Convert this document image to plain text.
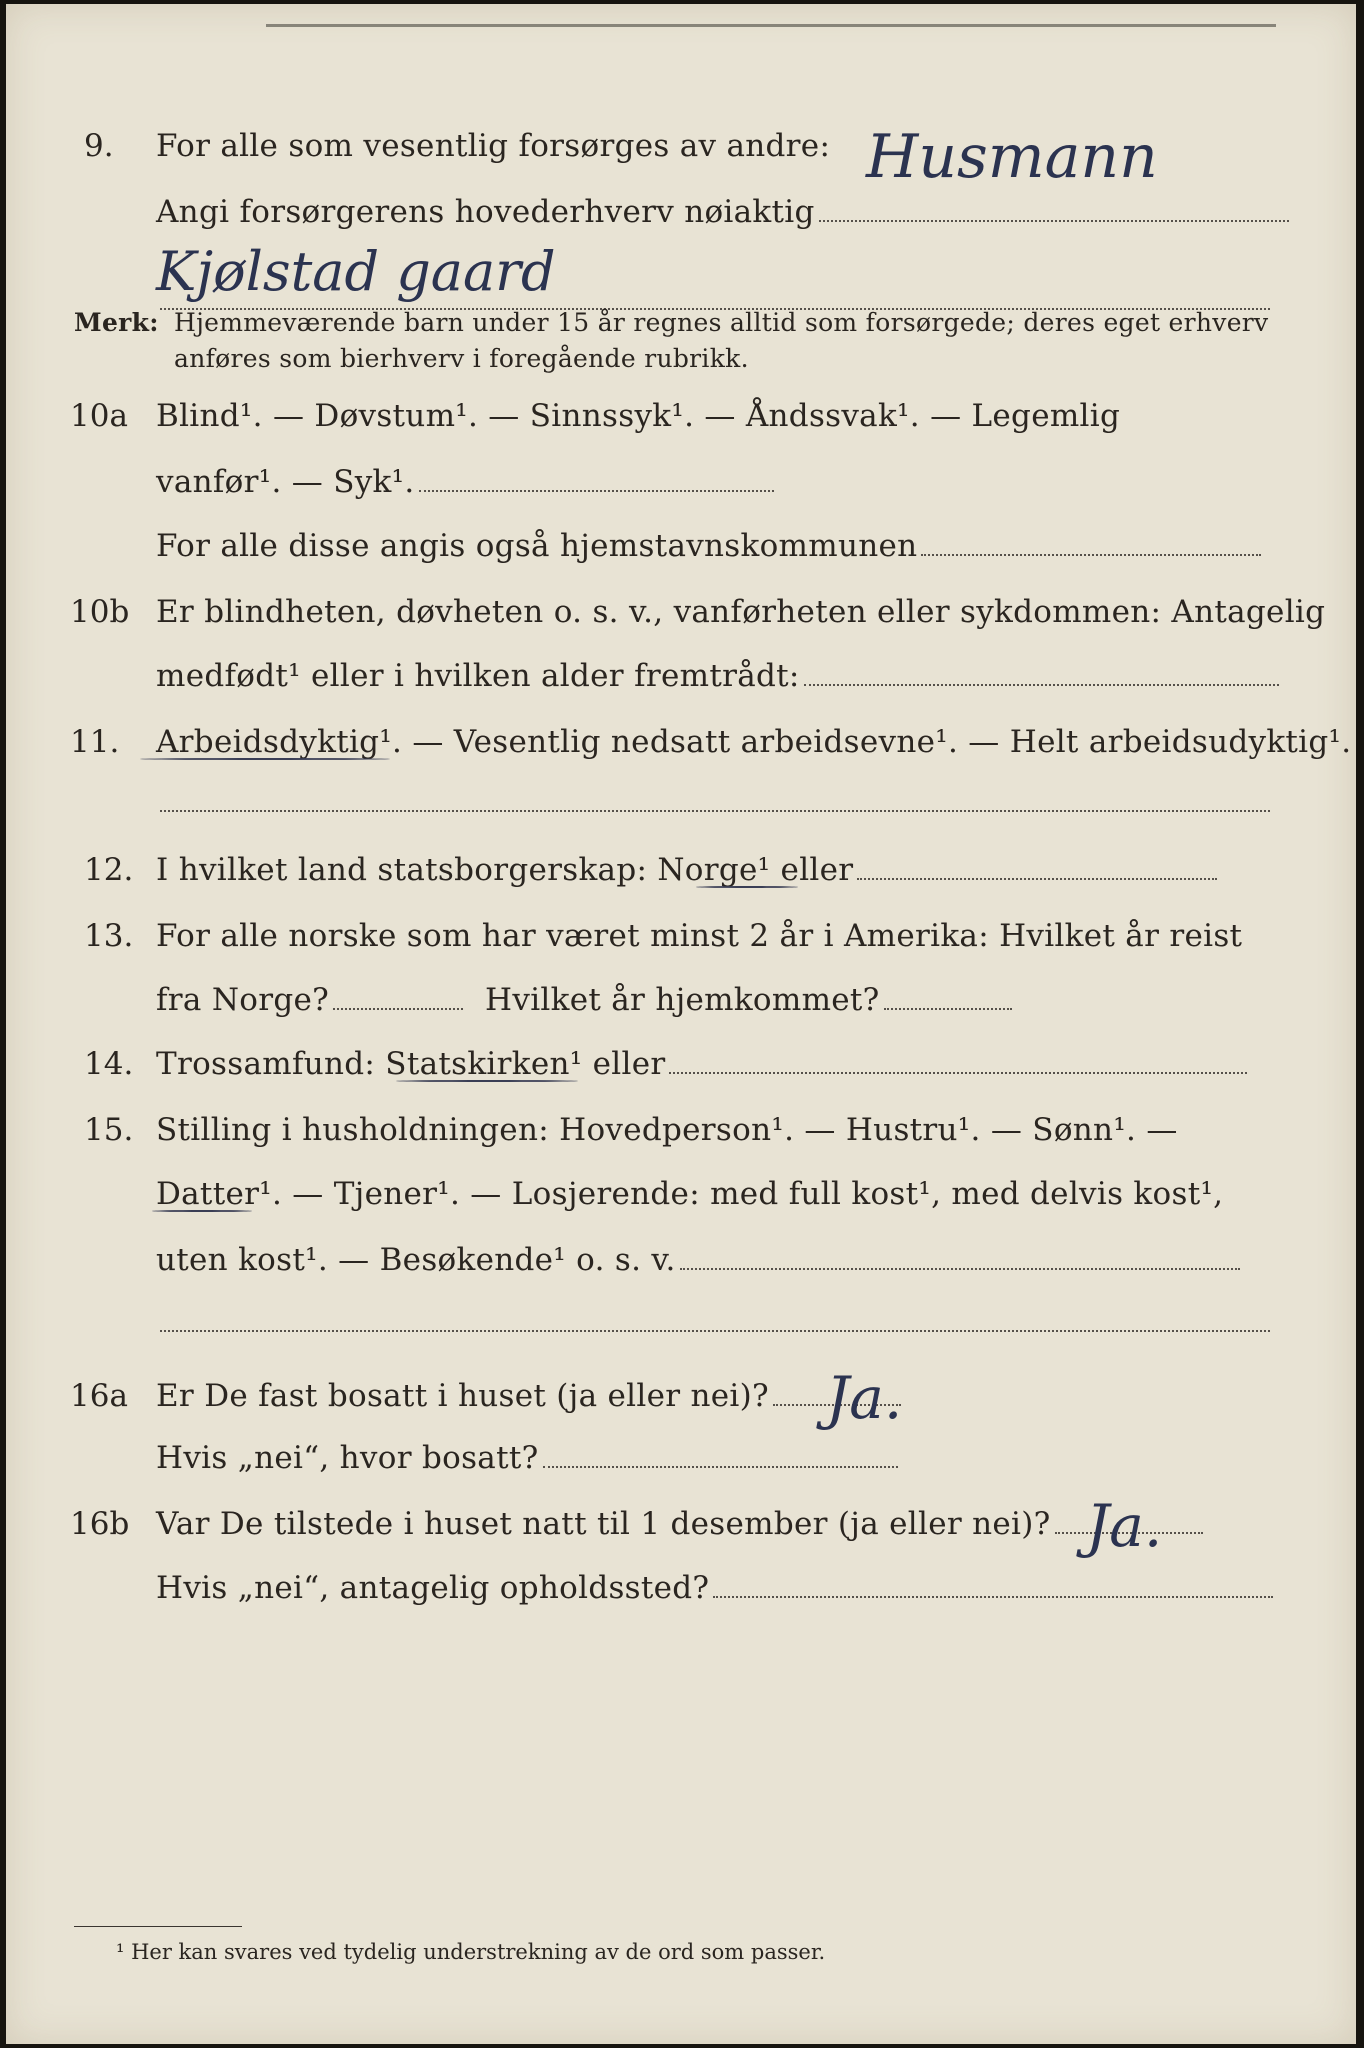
9. For alle som vesentlig forsørges av andre: Husmann
Angi forsørgerens hovederhverv nøiaktig
Kjølstad gaard
Merk: Hjemmeværende barn under 15 år regnes alltid som forsørgede; deres eget erhverv
anføres som bierhverv i foregående rubrikk.
10a Blind¹. — Døvstum¹. — Sinnssyk¹. — Åndssvak¹. — Legemlig
vanfør¹. — Syk¹.
For alle disse angis også hjemstavnskommunen
10b Er blindheten, døvheten o. s. v., vanførheten eller sykdommen: Antagelig
medfødt¹ eller i hvilken alder fremtrådt:
11. Arbeidsdyktig¹. — Vesentlig nedsatt arbeidsevne¹. — Helt arbeidsudyktig¹.
12. I hvilket land statsborgerskap: Norge¹ eller
13. For alle norske som har været minst 2 år i Amerika: Hvilket år reist
fra Norge?	Hvilket år hjemkommet?
14. Trossamfund: Statskirken¹ eller
15. Stilling i husholdningen: Hovedperson¹. — Hustru¹. — Sønn¹. —
Datter¹. — Tjener¹. — Losjerende: med full kost¹, med delvis kost¹,
uten kost¹. — Besøkende¹ o. s. v.
16a Er De fast bosatt i huset (ja eller nei)? Ja.
Hvis „nei“, hvor bosatt?
16b Var De tilstede i huset natt til 1 desember (ja eller nei)? Ja.
Hvis „nei“, antagelig opholdssted?
¹ Her kan svares ved tydelig understrekning av de ord som passer.
